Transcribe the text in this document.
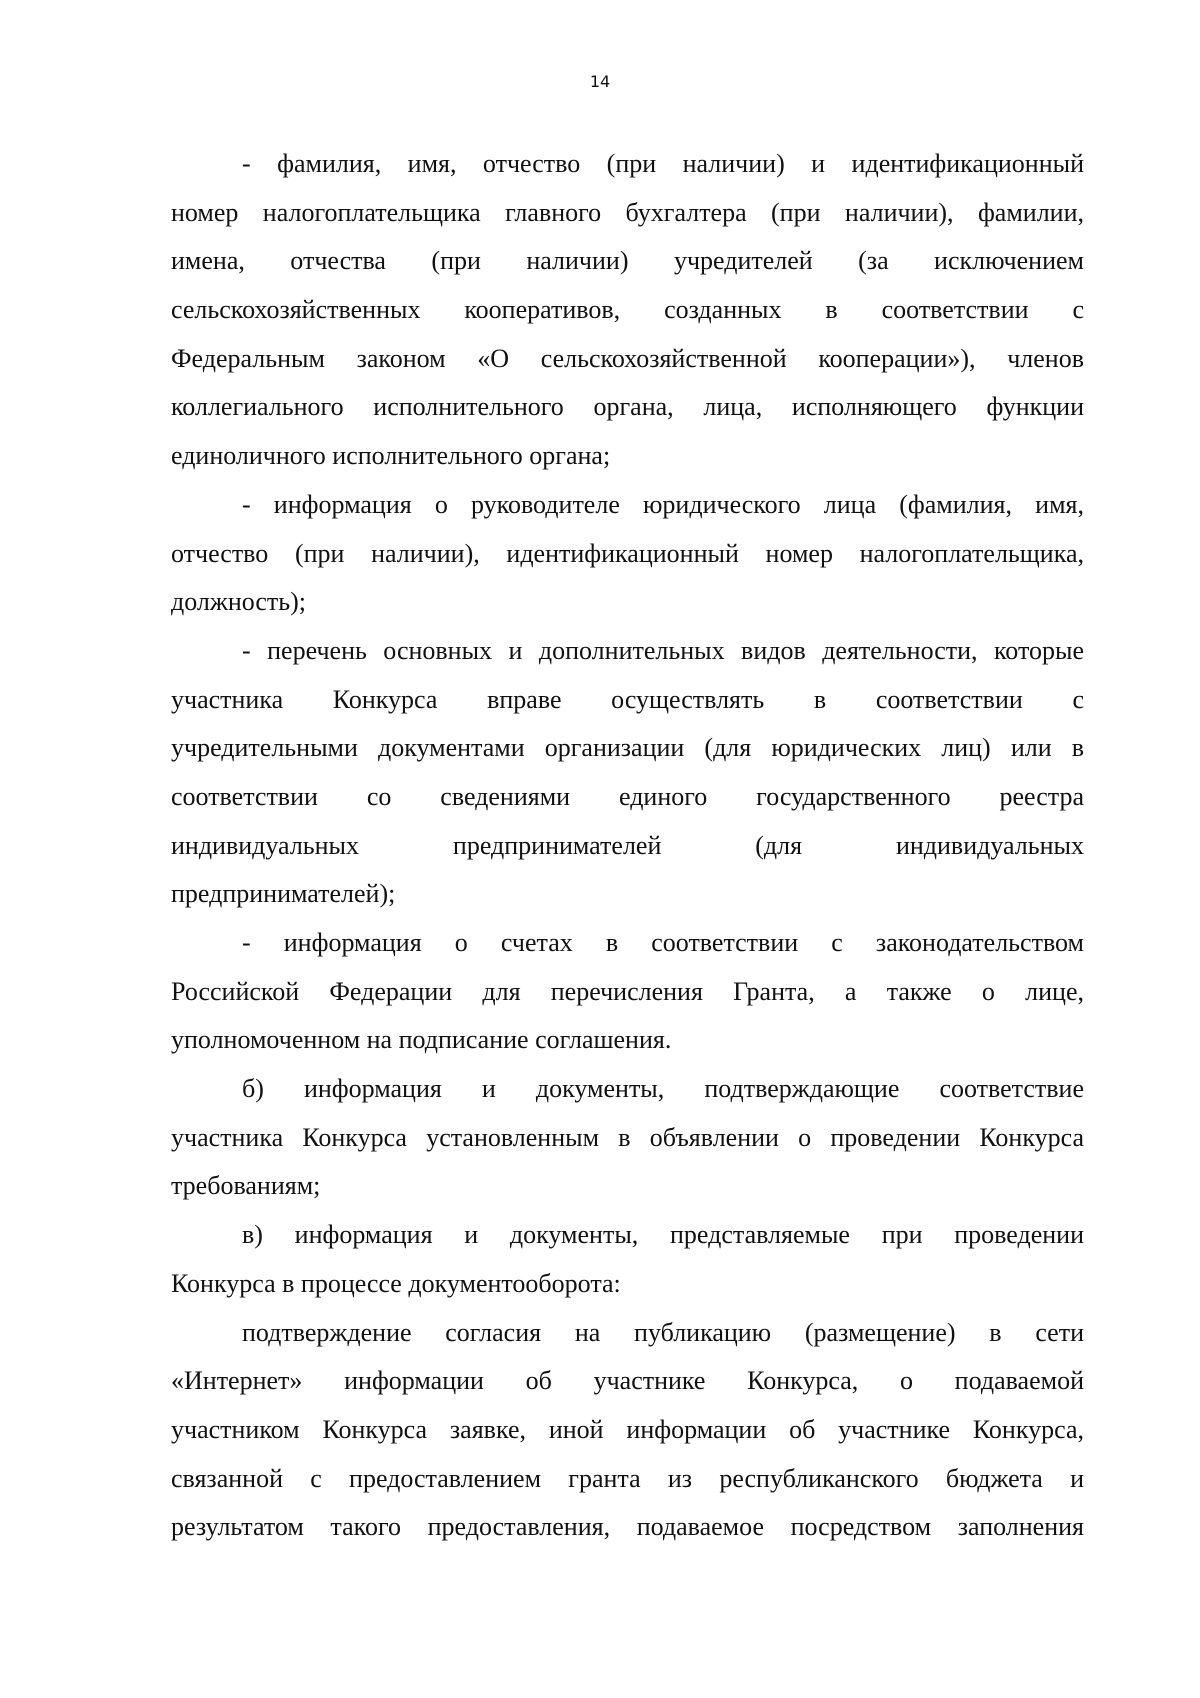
14
- фамилия, имя, отчество (при наличии) и идентификационный
номер налогоплательщика главного бухгалтера (при наличии), фамилии,
имена, отчества (при наличии) учредителей (за исключением
сельскохозяйственных кооперативов, созданных в соответствии с
Федеральным законом «О сельскохозяйственной кооперации»), членов
коллегиального исполнительного органа, лица, исполняющего функции
единоличного исполнительного органа;
- информация о руководителе юридического лица (фамилия, имя,
отчество (при наличии), идентификационный номер налогоплательщика,
должность);
- перечень основных и дополнительных видов деятельности, которые
участника Конкурса вправе осуществлять в соответствии с
учредительными документами организации (для юридических лиц) или в
соответствии со сведениями единого государственного реестра
индивидуальных предпринимателей (для индивидуальных
предпринимателей);
- информация о счетах в соответствии с законодательством
Российской Федерации для перечисления Гранта, а также о лице,
уполномоченном на подписание соглашения.
б) информация и документы, подтверждающие соответствие
участника Конкурса установленным в объявлении о проведении Конкурса
требованиям;
в) информация и документы, представляемые при проведении
Конкурса в процессе документооборота:
подтверждение согласия на публикацию (размещение) в сети
«Интернет» информации об участнике Конкурса, о подаваемой
участником Конкурса заявке, иной информации об участнике Конкурса,
связанной с предоставлением гранта из республиканского бюджета и
результатом такого предоставления, подаваемое посредством заполнения
